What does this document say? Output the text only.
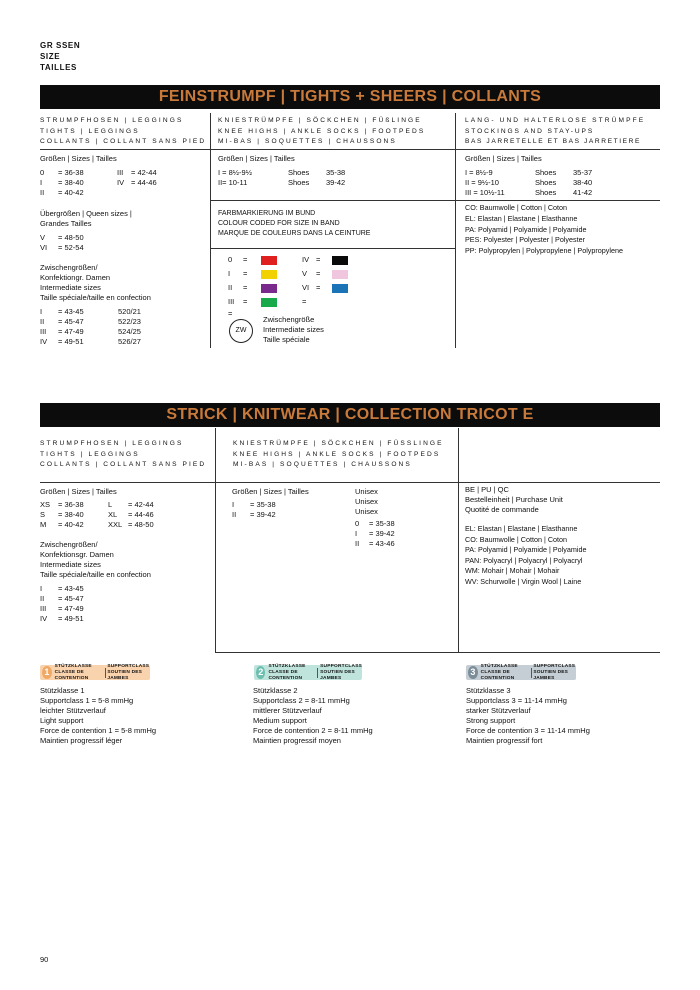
GR SSEN
SIZE
TAILLES
FEINSTRUMPF | TIGHTS + SHEERS | COLLANTS
STRUMPFHOSEN | LEGGINGS
TIGHTS | LEGGINGS
COLLANTS | COLLANT SANS PIED
Größen | Sizes | Tailles
0 = 36-38	III = 42-44
I = 38-40	IV = 44-46
II = 40-42
Übergrößen | Queen sizes |
Grandes Tailles
V = 48-50
VI = 52-54
Zwischengrößen/
Konfektiongr. Damen
Intermediate sizes
Taille spéciale/taille en confection
I = 43-45	520/21
II = 45-47	522/23
III = 47-49	524/25
IV = 49-51	526/27
KNIESTRÜMPFE | SÖCKCHEN | FÜßLINGE
KNEE HIGHS | ANKLE SOCKS | FOOTPEDS
MI-BAS | SOQUETTES | CHAUSSONS
Größen | Sizes | Tailles
I = 8½-9½	Shoes 35-38
II= 10-11	Shoes 39-42
FARBMARKIERUNG IM BUND
COLOUR CODED FOR SIZE IN BAND
MARQUE DE COULEURS DANS LA CEINTURE
0 =
I =
II =
III =
IV =
V =
VI =
=
=
ZW
Zwischengröße
Intermediate sizes
Taille spéciale
LANG- UND HALTERLOSE STRÜMPFE
STOCKINGS AND STAY-UPS
BAS JARRETELLE ET BAS JARRETIERE
Größen | Sizes | Tailles
I = 8½-9	Shoes 35-37
II = 9½-10	Shoes 38-40
III = 10½-11	Shoes 41-42
CO: Baumwolle | Cotton | Coton
EL: Elastan | Elastane | Elasthanne
PA: Polyamid | Polyamide | Polyamide
PES: Polyester | Polyester | Polyester
PP: Polypropylen | Polypropylene | Polypropylene
STRICK | KNITWEAR | COLLECTION TRICOT E
STRUMPFHOSEN | LEGGINGS
TIGHTS | LEGGINGS
COLLANTS | COLLANT SANS PIED
Größen | Sizes | Tailles
XS = 36-38	L = 42-44
S = 38-40	XL = 44-46
M = 40-42	XXL = 48-50
Zwischengrößen/
Konfektionsgr. Damen
Intermediate sizes
Taille spéciale/taille en confection
I = 43-45
II = 45-47
III = 47-49
IV = 49-51
KNIESTRÜMPFE | SÖCKCHEN | FÜSSLINGE
KNEE HIGHS | ANKLE SOCKS | FOOTPEDS
MI-BAS | SOQUETTES | CHAUSSONS
Größen | Sizes | Tailles
I = 35-38
II = 39-42
Unisex
Unisex
Unisex
0 = 35-38
I = 39-42
II = 43-46
BE | PU | QC
Bestelleinheit | Purchase Unit
Quotité de commande
EL: Elastan | Elastane | Elasthanne
CO: Baumwolle | Cotton | Coton
PA: Polyamid | Polyamide | Polyamide
PAN: Polyacryl | Polyacryl | Polyacryl
WM: Mohair | Mohair | Mohair
WV: Schurwolle | Virgin Wool | Laine
1
STÜTZKLASSE
CLASSE DE CONTENTION
SUPPORTCLASS
SOUTIEN DES JAMBES
2
STÜTZKLASSE
CLASSE DE CONTENTION
SUPPORTCLASS
SOUTIEN DES JAMBES
3
STÜTZKLASSE
CLASSE DE CONTENTION
SUPPORTCLASS
SOUTIEN DES JAMBES
Stützklasse 1
Supportclass 1 = 5-8 mmHg
leichter Stützverlauf
Light support
Force de contention 1 = 5-8 mmHg
Maintien progressif léger
Stützklasse 2
Supportclass 2 = 8-11 mmHg
mittlerer Stützverlauf
Medium support
Force de contention 2 = 8-11 mmHg
Maintien progressif moyen
Stützklasse 3
Supportclass 3 = 11-14 mmHg
starker Stützverlauf
Strong support
Force de contention 3 = 11-14 mmHg
Maintien progressif fort
90
